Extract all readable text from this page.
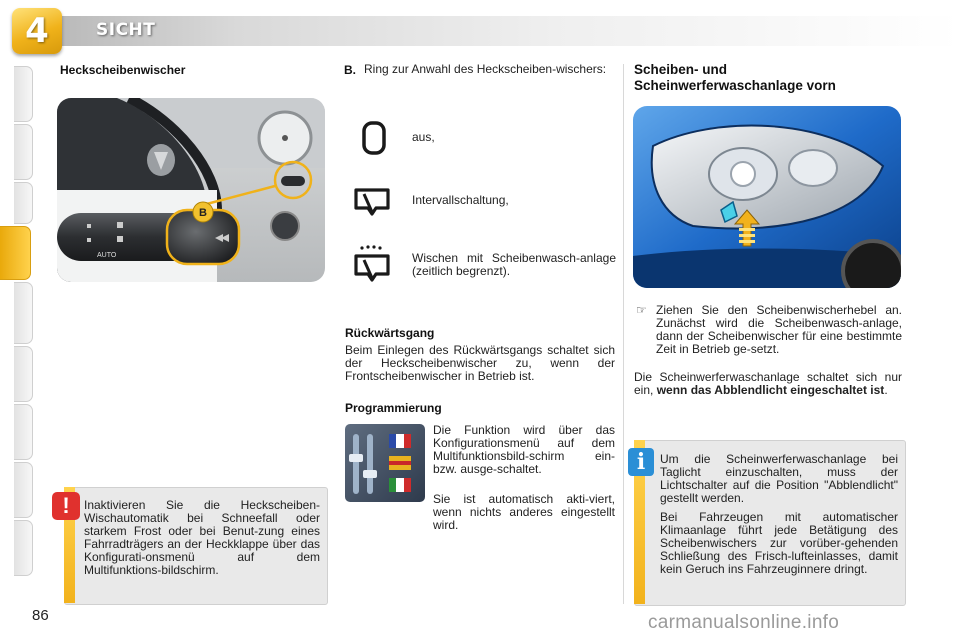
4	SICHT
Heckscheibenwischer
AUTO
B
!	Inaktivieren Sie die Heckscheiben-Wischautomatik bei Schneefall oder starkem Frost oder bei Benut-zung eines Fahrradträgers an der Heckklappe über das Konfigurati-onsmenü auf dem Multifunktions-bildschirm.
B. Ring zur Anwahl des Heckscheiben-wischers:
aus,
Intervallschaltung,
Wischen mit Scheibenwasch-anlage (zeitlich begrenzt).
Rückwärtsgang
Beim Einlegen des Rückwärtsgangs schaltet sich der Heckscheibenwischer zu, wenn der Frontscheibenwischer in Betrieb ist.
Programmierung
Die Funktion wird über das Konfigurationsmenü auf dem Multifunktionsbild-schirm ein- bzw. ausge-schaltet.
Sie ist automatisch akti-viert, wenn nichts anderes eingestellt wird.
Scheiben- und
Scheinwerferwaschanlage vorn
☞ Ziehen Sie den Scheibenwischerhebel an. Zunächst wird die Scheibenwasch-anlage, dann der Scheibenwischer für eine bestimmte Zeit in Betrieb ge-setzt.
Die Scheinwerferwaschanlage schaltet sich nur ein, wenn das Abblendlicht eingeschaltet ist.
i	Um die Scheinwerferwaschanlage bei Taglicht einzuschalten, muss der Lichtschalter auf die Position "Abblendlicht" gestellt werden.
Bei Fahrzeugen mit automatischer Klimaanlage führt jede Betätigung des Scheibenwischers zur vorüber-gehenden Schließung des Frisch-lufteinlasses, damit kein Geruch ins Fahrzeuginnere dringt.
86	carmanualsonline.info
